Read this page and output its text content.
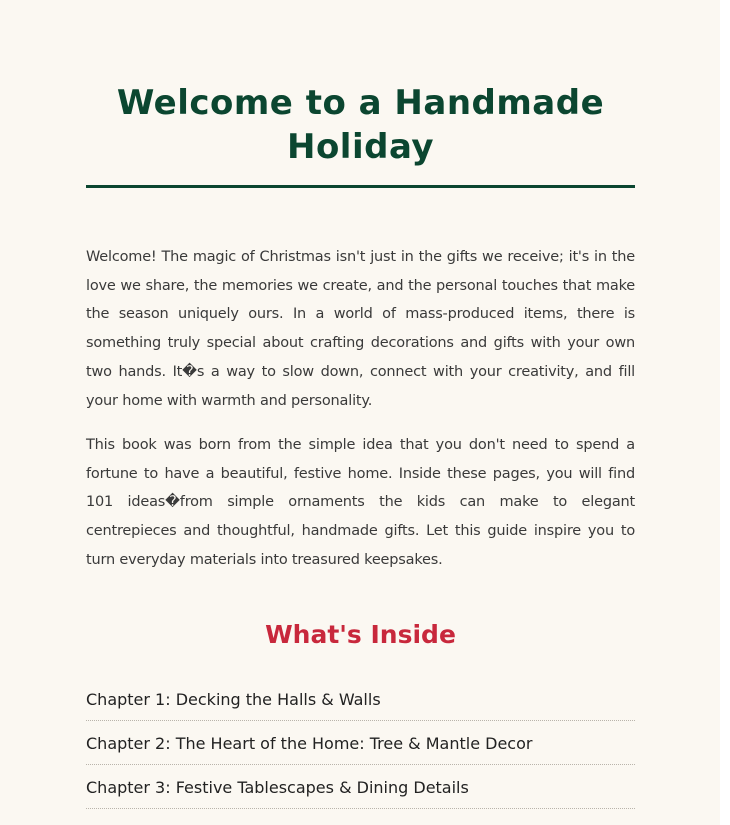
Welcome to a Handmade Holiday

Welcome! The magic of Christmas isn't just in the gifts we receive; it's in the love we share, the memories we create, and the personal touches that make the season uniquely ours. In a world of mass-produced items, there is something truly special about crafting decorations and gifts with your own two hands. It�s a way to slow down, connect with your creativity, and fill your home with warmth and personality.

This book was born from the simple idea that you don't need to spend a fortune to have a beautiful, festive home. Inside these pages, you will find 101 ideas�from simple ornaments the kids can make to elegant centrepieces and thoughtful, handmade gifts. Let this guide inspire you to turn everyday materials into treasured keepsakes.

What's Inside
Chapter 1: Decking the Halls & Walls
Chapter 2: The Heart of the Home: Tree & Mantle Decor
Chapter 3: Festive Tablescapes & Dining Details
